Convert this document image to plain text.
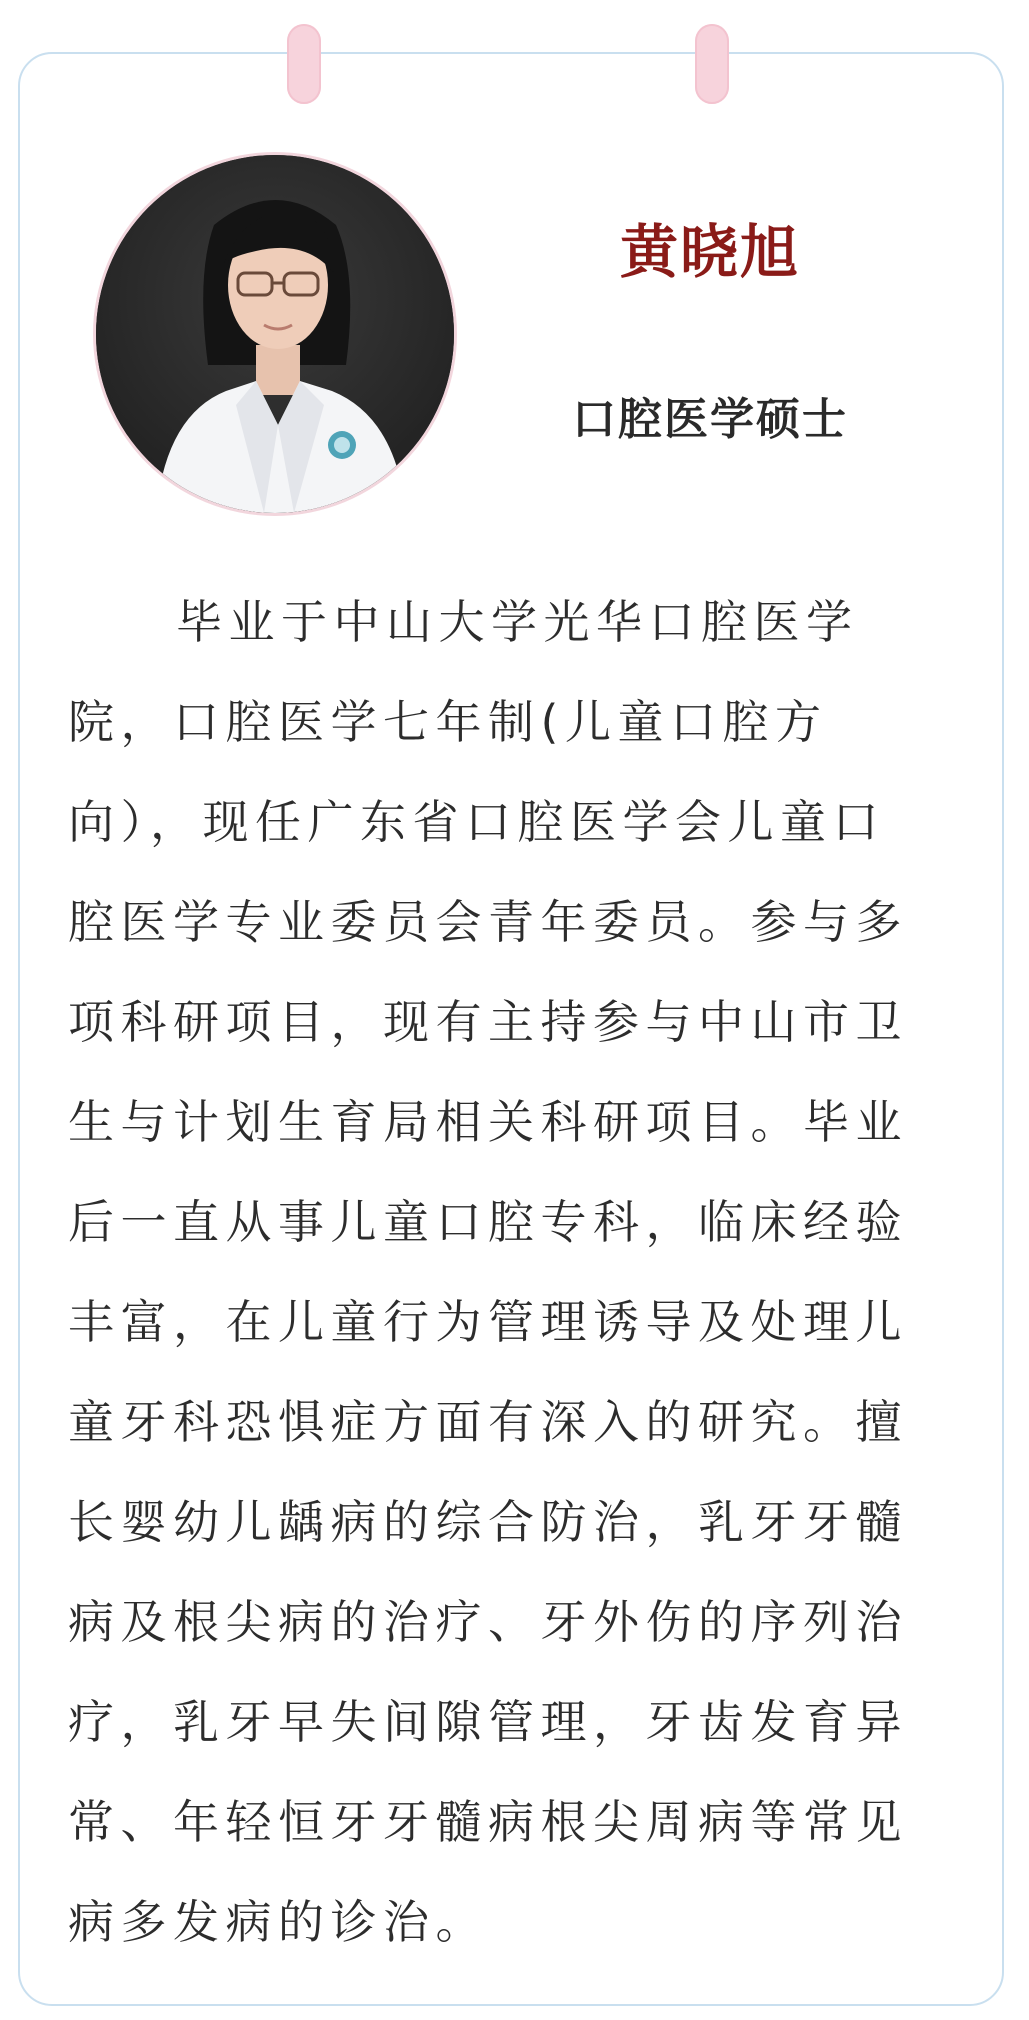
黄晓旭
口腔医学硕士
毕业于中山大学光华口腔医学
院，口腔医学七年制(儿童口腔方
向），现任广东省口腔医学会儿童口
腔医学专业委员会青年委员。参与多
项科研项目，现有主持参与中山市卫
生与计划生育局相关科研项目。毕业
后一直从事儿童口腔专科，临床经验
丰富，在儿童行为管理诱导及处理儿
童牙科恐惧症方面有深入的研究。擅
长婴幼儿龋病的综合防治，乳牙牙髓
病及根尖病的治疗、牙外伤的序列治
疗，乳牙早失间隙管理，牙齿发育异
常、年轻恒牙牙髓病根尖周病等常见
病多发病的诊治。
